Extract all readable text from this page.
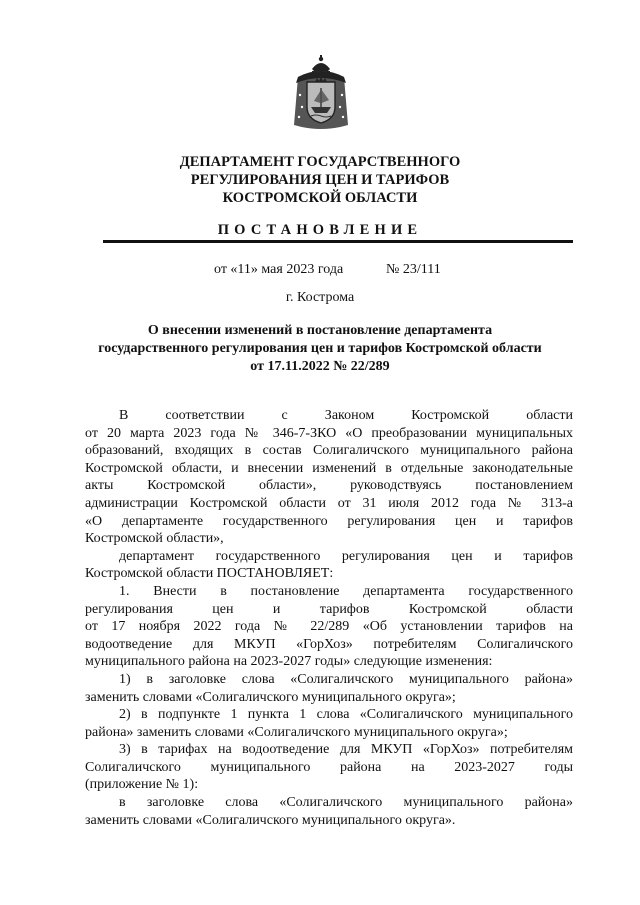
ДЕПАРТАМЕНТ ГОСУДАРСТВЕННОГО
РЕГУЛИРОВАНИЯ ЦЕН И ТАРИФОВ
КОСТРОМСКОЙ ОБЛАСТИ
ПОСТАНОВЛЕНИЕ
от «11» мая 2023 года	№ 23/111
г. Кострома
О внесении изменений в постановление департамента
государственного регулирования цен и тарифов Костромской области
от 17.11.2022 № 22/289
В соответствии с Законом Костромской области
от 20 марта 2023 года № 346-7-ЗКО «О преобразовании муниципальных
образований, входящих в состав Солигаличского муниципального района
Костромской области, и внесении изменений в отдельные законодательные
акты Костромской области», руководствуясь постановлением
администрации Костромской области от 31 июля 2012 года № 313-а
«О департаменте государственного регулирования цен и тарифов
Костромской области»,
департамент государственного регулирования цен и тарифов
Костромской области ПОСТАНОВЛЯЕТ:
1. Внести в постановление департамента государственного
регулирования цен и тарифов Костромской области
от 17 ноября 2022 года № 22/289 «Об установлении тарифов на
водоотведение для МКУП «ГорХоз» потребителям Солигаличского
муниципального района на 2023-2027 годы» следующие изменения:
1) в заголовке слова «Солигаличского муниципального района»
заменить словами «Солигаличского муниципального округа»;
2) в подпункте 1 пункта 1 слова «Солигаличского муниципального
района» заменить словами «Солигаличского муниципального округа»;
3) в тарифах на водоотведение для МКУП «ГорХоз» потребителям
Солигаличского муниципального района на 2023-2027 годы
(приложение № 1):
в заголовке слова «Солигаличского муниципального района»
заменить словами «Солигаличского муниципального округа».
